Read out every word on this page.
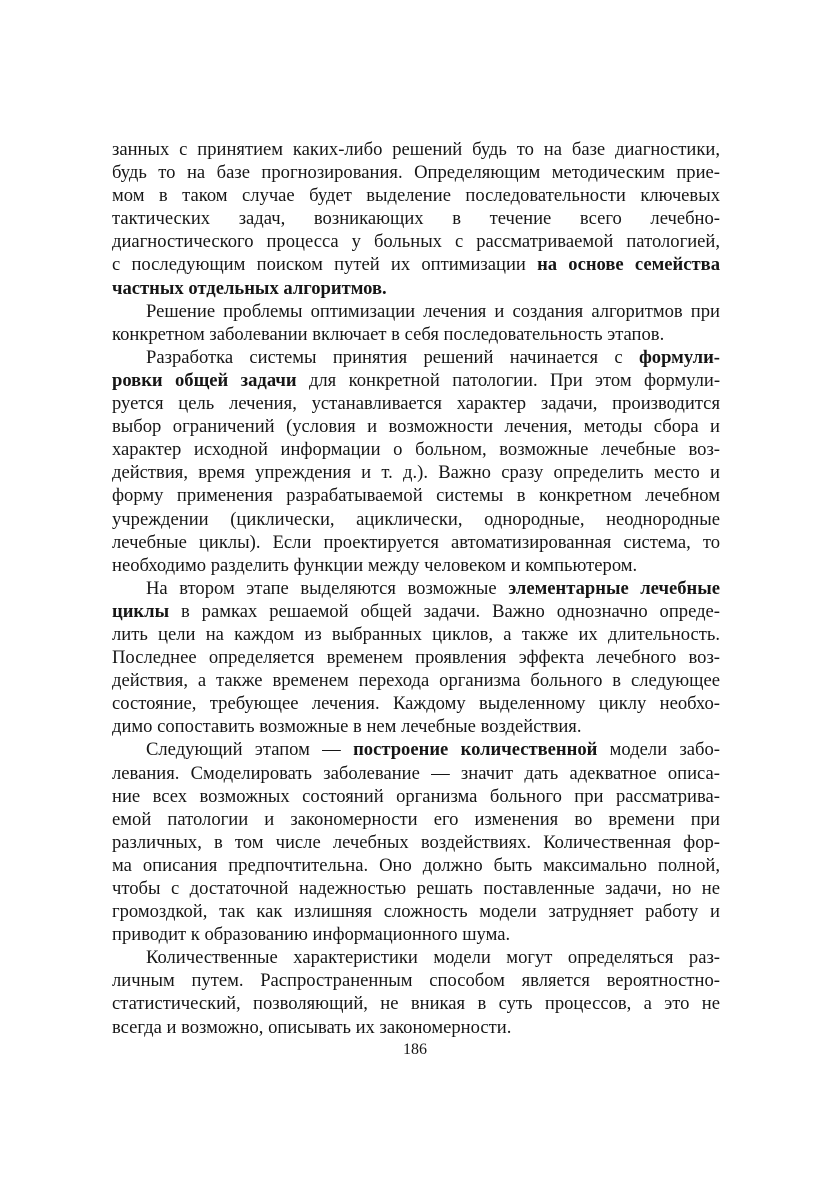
занных с принятием каких-либо решений будь то на базе диагностики,
будь то на базе прогнозирования. Определяющим методическим прие-
мом в таком случае будет выделение последовательности ключевых
тактических задач, возникающих в течение всего лечебно-
диагностического процесса у больных с рассматриваемой патологией,
с последующим поиском путей их оптимизации на основе семейства
частных отдельных алгоритмов.
Решение проблемы оптимизации лечения и создания алгоритмов при
конкретном заболевании включает в себя последовательность этапов.
Разработка системы принятия решений начинается с формули-
ровки общей задачи для конкретной патологии. При этом формули-
руется цель лечения, устанавливается характер задачи, производится
выбор ограничений (условия и возможности лечения, методы сбора и
характер исходной информации о больном, возможные лечебные воз-
действия, время упреждения и т. д.). Важно сразу определить место и
форму применения разрабатываемой системы в конкретном лечебном
учреждении (циклически, ациклически, однородные, неоднородные
лечебные циклы). Если проектируется автоматизированная система, то
необходимо разделить функции между человеком и компьютером.
На втором этапе выделяются возможные элементарные лечебные
циклы в рамках решаемой общей задачи. Важно однозначно опреде-
лить цели на каждом из выбранных циклов, а также их длительность.
Последнее определяется временем проявления эффекта лечебного воз-
действия, а также временем перехода организма больного в следующее
состояние, требующее лечения. Каждому выделенному циклу необхо-
димо сопоставить возможные в нем лечебные воздействия.
Следующий этапом — построение количественной модели забо-
левания. Смоделировать заболевание — значит дать адекватное описа-
ние всех возможных состояний организма больного при рассматрива-
емой патологии и закономерности его изменения во времени при
различных, в том числе лечебных воздействиях. Количественная фор-
ма описания предпочтительна. Оно должно быть максимально полной,
чтобы с достаточной надежностью решать поставленные задачи, но не
громоздкой, так как излишняя сложность модели затрудняет работу и
приводит к образованию информационного шума.
Количественные характеристики модели могут определяться раз-
личным путем. Распространенным способом является вероятностно-
статистический, позволяющий, не вникая в суть процессов, а это не
всегда и возможно, описывать их закономерности.
186
